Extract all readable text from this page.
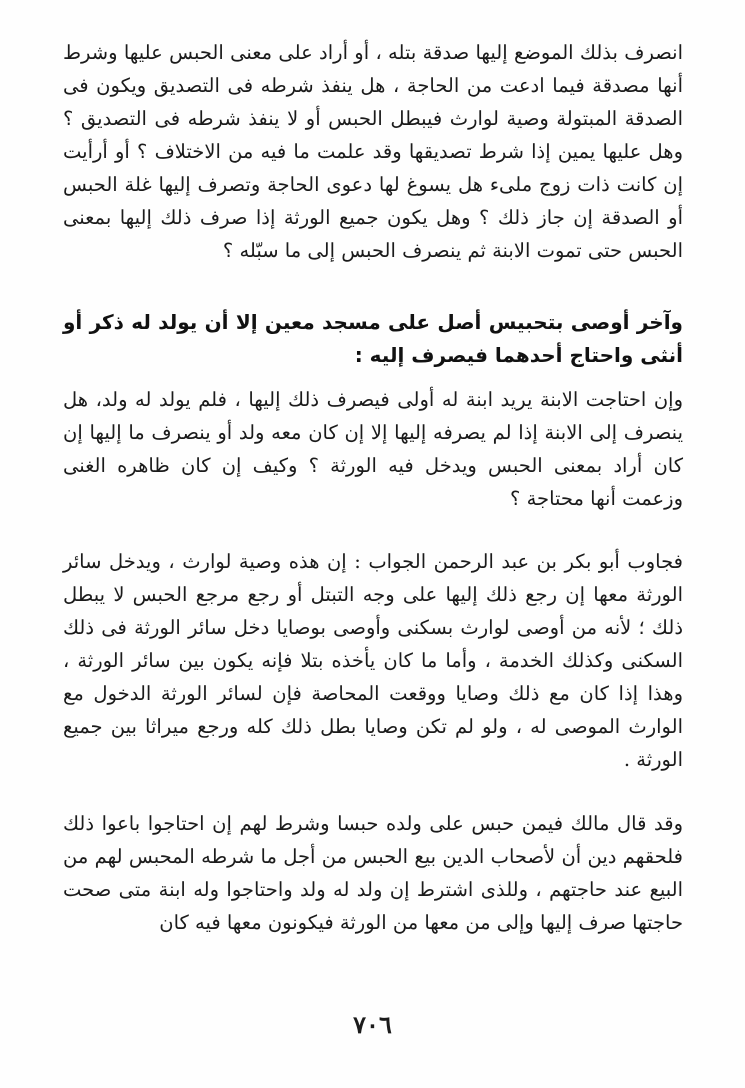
انصرف بذلك الموضع إليها صدقة بتله ، أو أراد على معنى الحبس عليها وشرط أنها مصدقة فيما ادعت من الحاجة ، هل ينفذ شرطه فى التصديق ويكون فى الصدقة المبتولة وصية لوارث فيبطل الحبس أو لا ينفذ شرطه فى التصديق ؟ وهل عليها يمين إذا شرط تصديقها وقد علمت ما فيه من الاختلاف ؟ أو أرأيت إن كانت ذات زوج ملىء هل يسوغ لها دعوى الحاجة وتصرف إليها غلة الحبس أو الصدقة إن جاز ذلك ؟ وهل يكون جميع الورثة إذا صرف ذلك إليها بمعنى الحبس حتى تموت الابنة ثم ينصرف الحبس إلى ما سبّله ؟

وآخر أوصى بتحبيس أصل على مسجد معين إلا أن يولد له ذكر أو أنثى واحتاج أحدهما فيصرف إليه :

وإن احتاجت الابنة يريد ابنة له أولى فيصرف ذلك إليها ، فلم يولد له ولد، هل ينصرف إلى الابنة إذا لم يصرفه إليها إلا إن كان معه ولد أو ينصرف ما إليها إن كان أراد بمعنى الحبس ويدخل فيه الورثة ؟ وكيف إن كان ظاهره الغنى وزعمت أنها محتاجة ؟

فجاوب أبو بكر بن عبد الرحمن الجواب : إن هذه وصية لوارث ، ويدخل سائر الورثة معها إن رجع ذلك إليها على وجه التبتل أو رجع مرجع الحبس لا يبطل ذلك ؛ لأنه من أوصى لوارث بسكنى وأوصى بوصايا دخل سائر الورثة فى ذلك السكنى وكذلك الخدمة ، وأما ما كان يأخذه بتلا فإنه يكون بين سائر الورثة ، وهذا إذا كان مع ذلك وصايا ووقعت المحاصة فإن لسائر الورثة الدخول مع الوارث الموصى له ، ولو لم تكن وصايا بطل ذلك كله ورجع ميراثا بين جميع الورثة .

وقد قال مالك فيمن حبس على ولده حبسا وشرط لهم إن احتاجوا باعوا ذلك فلحقهم دين أن لأصحاب الدين بيع الحبس من أجل ما شرطه المحبس لهم من البيع عند حاجتهم ، وللذى اشترط إن ولد له ولد واحتاجوا وله ابنة متى صحت حاجتها صرف إليها وإلى من معها من الورثة فيكونون معها فيه كان

٧٠٦
